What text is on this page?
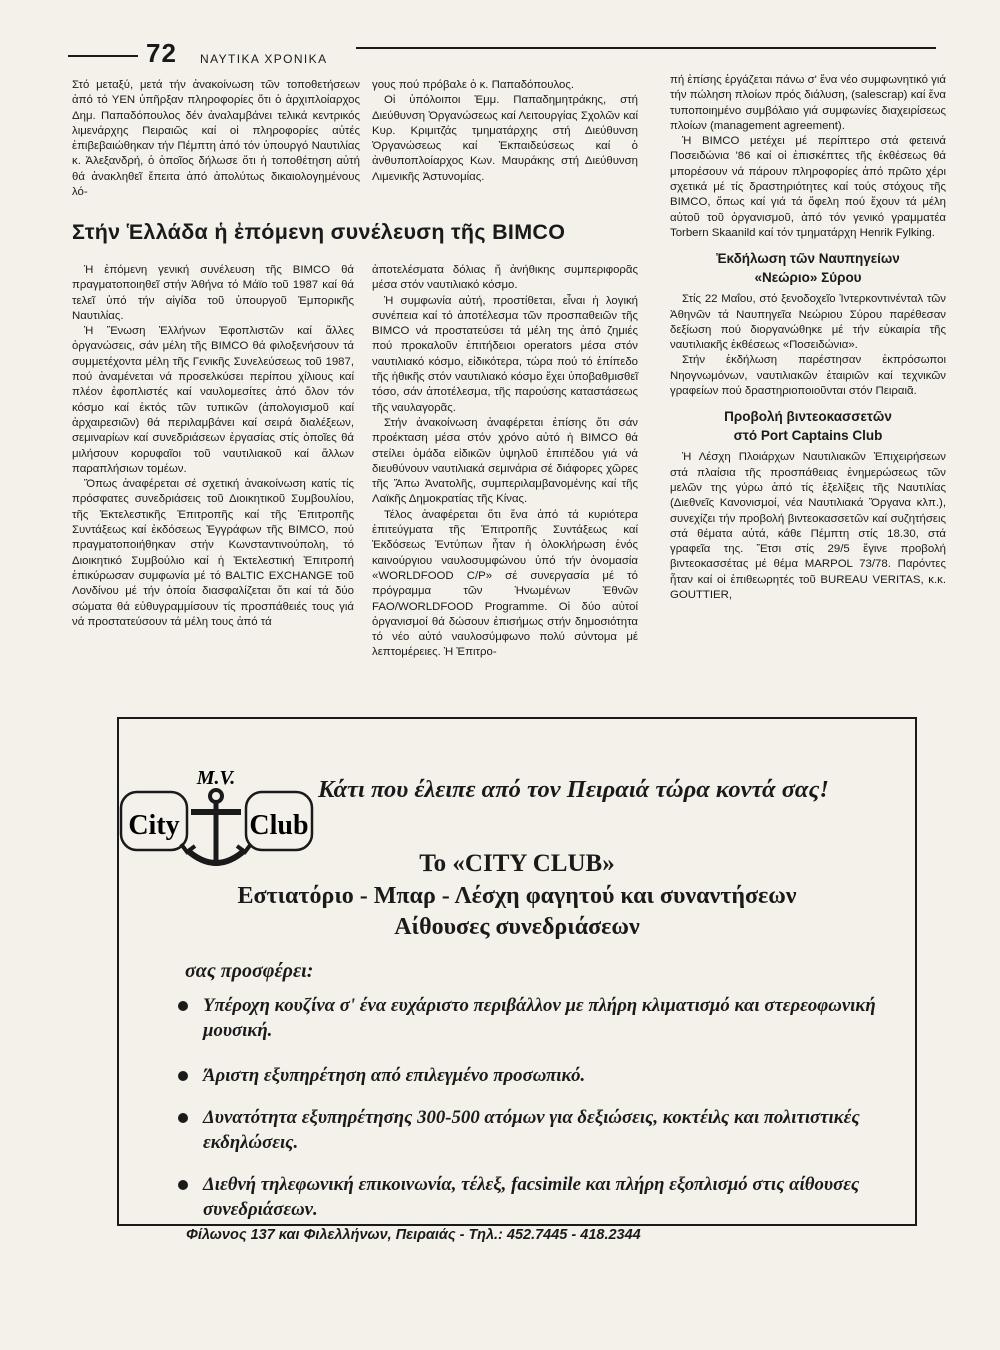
72 ΝΑΥΤΙΚΑ ΧΡΟΝΙΚΑ

Στό μεταξύ, μετά τήν ἀνακοίνωση τῶν τοποθετήσεων ἀπό τό ΥΕΝ ὑπῆρξαν πληροφορίες ὅτι ὁ ἀρχιπλοίαρχος Δημ. Παπαδόπουλος δέν ἀναλαμβάνει τελικά κεντρικός λιμενάρχης Πειραιῶς καί οἱ πληροφορίες αὐτές ἐπιβεβαιώθηκαν τήν Πέμπτη ἀπό τόν ὑπουργό Ναυτιλίας κ. Ἀλεξανδρή, ὁ ὁποῖος δήλωσε ὅτι ἡ τοποθέτηση αὐτή θά ἀνακληθεῖ ἔπειτα ἀπό ἀπολύτως δικαιολογημένους λό-

γους πού πρόβαλε ὁ κ. Παπαδόπουλος.

Οἱ ὑπόλοιποι Ἐμμ. Παπαδημητράκης, στή Διεύθυνση Ὀργανώσεως καί Λειτουργίας Σχολῶν καί Κυρ. Κριμιτζάς τμηματάρχης στή Διεύθυνση Ὀργανώσεως καί Ἐκπαιδεύσεως καί ὁ ἀνθυποπλοίαρχος Κων. Μαυράκης στή Διεύθυνση Λιμενικῆς Ἀστυνομίας.

Στήν Ἑλλάδα ἡ ἐπόμενη συνέλευση τῆς BIMCO

Ἡ ἐπόμενη γενική συνέλευση τῆς BIMCO θά πραγματοποιηθεῖ στήν Ἀθήνα τό Μάϊο τοῦ 1987 καί θά τελεῖ ὑπό τήν αἰγίδα τοῦ ὑπουργοῦ Ἐμπορικῆς Ναυτιλίας.

Ἡ Ἕνωση Ἑλλήνων Ἐφοπλιστῶν καί ἄλλες ὀργανώσεις, σάν μέλη τῆς BIMCO θά φιλοξενήσουν τά συμμετέχοντα μέλη τῆς Γενικῆς Συνελεύσεως τοῦ 1987, πού ἀναμένεται νά προσελκύσει περίπου χίλιους καί πλέον ἐφοπλιστές καί ναυλομεσίτες ἀπό ὅλον τόν κόσμο καί ἐκτός τῶν τυπικῶν (ἀπολογισμοῦ καί ἀρχαιρεσιῶν) θά περιλαμβάνει καί σειρά διαλέξεων, σεμιναρίων καί συνεδριάσεων ἐργασίας στίς ὁποῖες θά μιλήσουν κορυφαῖοι τοῦ ναυτιλιακοῦ καί ἄλλων παραπλήσιων τομέων.

Ὅπως ἀναφέρεται σέ σχετική ἀνακοίνωση κατίς τίς πρόσφατες συνεδριάσεις τοῦ Διοικητικοῦ Συμβουλίου, τῆς Ἐκτελεστικῆς Ἐπιτροπῆς καί τῆς Ἐπιτροπῆς Συντάξεως καί ἐκδόσεως Ἐγγράφων τῆς BIMCO, πού πραγματοποιήθηκαν στήν Κωνσταντινούπολη, τό Διοικητικό Συμβούλιο καί ἡ Ἐκτελεστική Ἐπιτροπή ἐπικύρωσαν συμφωνία μέ τό BALTIC EXCHANGE τοῦ Λονδίνου μέ τήν ὁποία διασφαλίζεται ὅτι καί τά δύο σώματα θά εὐθυγραμμίσουν τίς προσπάθειές τους γιά νά προστατεύσουν τά μέλη τους ἀπό τά

ἀποτελέσματα δόλιας ἤ ἀνήθικης συμπεριφορᾶς μέσα στόν ναυτιλιακό κόσμο.

Ἡ συμφωνία αὐτή, προστίθεται, εἶναι ἡ λογική συνέπεια καί τό ἀποτέλεσμα τῶν προσπαθειῶν τῆς BIMCO νά προστατεύσει τά μέλη της ἀπό ζημιές πού προκαλοῦν ἐπιτήδειοι operators μέσα στόν ναυτιλιακό κόσμο, εἰδικότερα, τώρα πού τό ἐπίπεδο τῆς ἠθικῆς στόν ναυτιλιακό κόσμο ἔχει ὑποβαθμισθεῖ τόσο, σάν ἀποτέλεσμα, τῆς παρούσης καταστάσεως τῆς ναυλαγορᾶς.

Στήν ἀνακοίνωση ἀναφέρεται ἐπίσης ὅτι σάν προέκταση μέσα στόν χρόνο αὐτό ἡ BIMCO θά στείλει ὁμάδα εἰδικῶν ὑψηλοῦ ἐπιπέδου γιά νά διευθύνουν ναυτιλιακά σεμινάρια σέ διάφορες χῶρες τῆς Ἄπω Ἀνατολῆς, συμπεριλαμβανομένης καί τῆς Λαϊκῆς Δημοκρατίας τῆς Κίνας.

Τέλος ἀναφέρεται ὅτι ἕνα ἀπό τά κυριότερα ἐπιτεύγματα τῆς Ἐπιτροπῆς Συντάξεως καί Ἐκδόσεως Ἐντύπων ἦταν ἡ ὁλοκλήρωση ἑνός καινούργιου ναυλοσυμφώνου ὑπό τήν ὀνομασία «WORLDFOOD C/P» σέ συνεργασία μέ τό πρόγραμμα τῶν Ἡνωμένων Ἐθνῶν FAO/WORLDFOOD Programme. Οἱ δύο αὐτοί ὀργανισμοί θά δώσουν ἐπισήμως στήν δημοσιότητα τό νέο αὐτό ναυλοσύμφωνο πολύ σύντομα μέ λεπτομέρειες. Ἡ Ἐπιτρο-

πή ἐπίσης ἐργάζεται πάνω σ' ἕνα νέο συμφωνητικό γιά τήν πώληση πλοίων πρός διάλυση, (salescrap) καί ἕνα τυποποιημένο συμβόλαιο γιά συμφωνίες διαχειρίσεως πλοίων (management agreement).

Ἡ BIMCO μετέχει μέ περίπτερο στά φετεινά Ποσειδώνια '86 καί οἱ ἐπισκέπτες τῆς ἐκθέσεως θά μπορέσουν νά πάρουν πληροφορίες ἀπό πρῶτο χέρι σχετικά μέ τίς δραστηριότητες καί τούς στόχους τῆς BIMCO, ὅπως καί γιά τά ὄφελη πού ἔχουν τά μέλη αὐτοῦ τοῦ ὀργανισμοῦ, ἀπό τόν γενικό γραμματέα Torbern Skaanild καί τόν τμηματάρχη Henrik Fylking.

Ἐκδήλωση τῶν Ναυπηγείων
«Νεώριο» Σύρου

Στίς 22 Μαΐου, στό ξενοδοχεῖο Ἰντερκοντινένταλ τῶν Ἀθηνῶν τά Ναυπηγεῖα Νεώριου Σύρου παρέθεσαν δεξίωση πού διοργανώθηκε μέ τήν εὐκαιρία τῆς ναυτιλιακῆς ἐκθέσεως «Ποσειδώνια».

Στήν ἐκδήλωση παρέστησαν ἐκπρόσωποι Νηογνωμόνων, ναυτιλιακῶν ἑταιριῶν καί τεχνικῶν γραφείων πού δραστηριοποιοῦνται στόν Πειραιᾶ.

Προβολή βιντεοκασσετῶν
στό Port Captains Club

Ἡ Λέσχη Πλοιάρχων Ναυτιλιακῶν Ἐπιχειρήσεων στά πλαίσια τῆς προσπάθειας ἐνημερώσεως τῶν μελῶν της γύρω ἀπό τίς ἐξελίξεις τῆς Ναυτιλίας (Διεθνεῖς Κανονισμοί, νέα Ναυτιλιακά Ὄργανα κλπ.), συνεχίζει τήν προβολή βιντεοκασσετῶν καί συζητήσεις στά θέματα αὐτά, κάθε Πέμπτη στίς 18.30, στά γραφεῖα της. Ἔτσι στίς 29/5 ἔγινε προβολή βιντεοκασσέτας μέ θέμα MARPOL 73/78. Παρόντες ἦταν καί οἱ ἐπιθεωρητές τοῦ BUREAU VERITAS, κ.κ. GOUTTIER,

M.V.
City Club
Κάτι που έλειπε από τον Πειραιά τώρα κοντά σας!
Το «CITY CLUB»
Εστιατόριο - Μπαρ - Λέσχη φαγητού και συναντήσεων
Αίθουσες συνεδριάσεων
σας προσφέρει:
Υπέροχη κουζίνα σ' ένα ευχάριστο περιβάλλον με πλήρη κλιματισμό και στερεοφωνική μουσική.
Άριστη εξυπηρέτηση από επιλεγμένο προσωπικό.
Δυνατότητα εξυπηρέτησης 300-500 ατόμων για δεξιώσεις, κοκτέιλς και πολιτιστικές εκδηλώσεις.
Διεθνή τηλεφωνική επικοινωνία, τέλεξ, facsimile και πλήρη εξοπλισμό στις αίθουσες συνεδριάσεων.
Φίλωνος 137 και Φιλελλήνων, Πειραιάς - Τηλ.: 452.7445 - 418.2344
